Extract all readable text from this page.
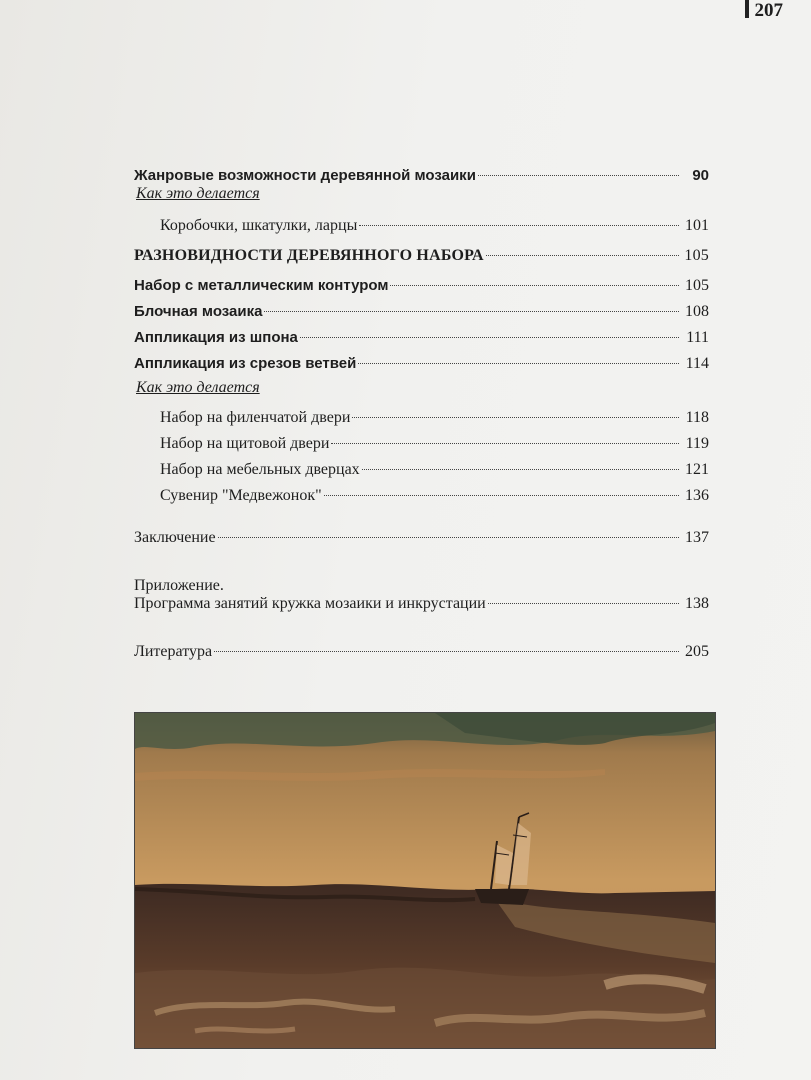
207
Жанровые возможности деревянной мозаики	90
Как это делается
Коробочки, шкатулки, ларцы	101
РАЗНОВИДНОСТИ ДЕРЕВЯННОГО НАБОРА	105
Набор с металлическим контуром	105
Блочная мозаика	108
Аппликация из шпона	111
Аппликация из срезов ветвей	114
Как это делается
Набор на филенчатой двери	118
Набор на щитовой двери	119
Набор на мебельных дверцах	121
Сувенир "Медвежонок"	136
Заключение	137
Приложение.
Программа занятий кружка мозаики и инкрустации	138
Литература	205
